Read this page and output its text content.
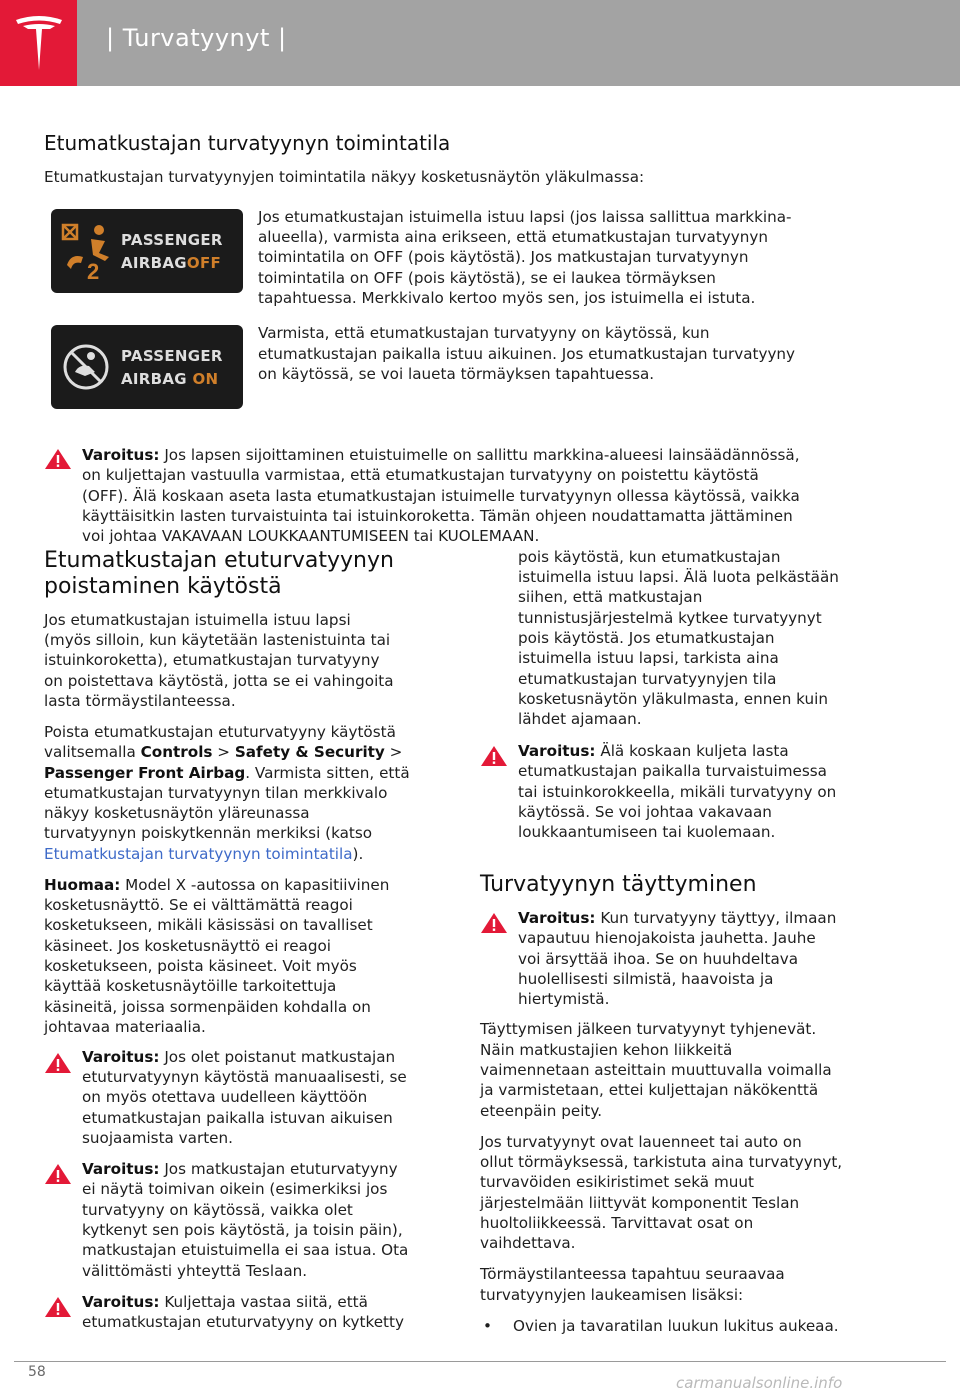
| Turvatyynyt |
Etumatkustajan turvatyynyn toimintatila

Etumatkustajan turvatyynyjen toimintatila näkyy kosketusnäytön yläkulmassa:

2
PASSENGER
AIRBAGOFF

Jos etumatkustajan istuimella istuu lapsi (jos laissa sallittua markkina-

alueella), varmista aina erikseen, että etumatkustajan turvatyynyn

toimintatila on OFF (pois käytöstä). Jos matkustajan turvatyynyn

toimintatila on OFF (pois käytöstä), se ei laukea törmäyksen

tapahtuessa. Merkkivalo kertoo myös sen, jos istuimella ei istuta.

PASSENGER
AIRBAG ON

Varmista, että etumatkustajan turvatyyny on käytössä, kun

etumatkustajan paikalla istuu aikuinen. Jos etumatkustajan turvatyyny

on käytössä, se voi laueta törmäyksen tapahtuessa.

Varoitus: Jos lapsen sijoittaminen etuistuimelle on sallittu markkina-alueesi lainsäädännössä,

on kuljettajan vastuulla varmistaa, että etumatkustajan turvatyyny on poistettu käytöstä

(OFF). Älä koskaan aseta lasta etumatkustajan istuimelle turvatyynyn ollessa käytössä, vaikka

käyttäisitkin lasten turvaistuinta tai istuinkoroketta. Tämän ohjeen noudattamatta jättäminen

voi johtaa VAKAVAAN LOUKKAANTUMISEEN tai KUOLEMAAN.

Etumatkustajan etuturvatyynyn
poistaminen käytöstä

Jos etumatkustajan istuimella istuu lapsi

(myös silloin, kun käytetään lastenistuinta tai

istuinkoroketta), etumatkustajan turvatyyny

on poistettava käytöstä, jotta se ei vahingoita

lasta törmäystilanteessa.

Poista etumatkustajan etuturvatyyny käytöstä

valitsemalla Controls > Safety & Security >

Passenger Front Airbag. Varmista sitten, että

etumatkustajan turvatyynyn tilan merkkivalo

näkyy kosketusnäytön yläreunassa

turvatyynyn poiskytkennän merkiksi (katso

Etumatkustajan turvatyynyn toimintatila).

Huomaa: Model X -autossa on kapasitiivinen

kosketusnäyttö. Se ei välttämättä reagoi

kosketukseen, mikäli käsissäsi on tavalliset

käsineet. Jos kosketusnäyttö ei reagoi

kosketukseen, poista käsineet. Voit myös

käyttää kosketusnäytöille tarkoitettuja

käsineitä, joissa sormenpäiden kohdalla on

johtavaa materiaalia.

Varoitus: Jos olet poistanut matkustajan

etuturvatyynyn käytöstä manuaalisesti, se

on myös otettava uudelleen käyttöön

etumatkustajan paikalla istuvan aikuisen

suojaamista varten.

Varoitus: Jos matkustajan etuturvatyyny

ei näytä toimivan oikein (esimerkiksi jos

turvatyyny on käytössä, vaikka olet

kytkenyt sen pois käytöstä, ja toisin päin),

matkustajan etuistuimella ei saa istua. Ota

välittömästi yhteyttä Teslaan.

Varoitus: Kuljettaja vastaa siitä, että

etumatkustajan etuturvatyyny on kytketty

pois käytöstä, kun etumatkustajan

istuimella istuu lapsi. Älä luota pelkästään

siihen, että matkustajan

tunnistusjärjestelmä kytkee turvatyynyt

pois käytöstä. Jos etumatkustajan

istuimella istuu lapsi, tarkista aina

etumatkustajan turvatyynyjen tila

kosketusnäytön yläkulmasta, ennen kuin

lähdet ajamaan.

Varoitus: Älä koskaan kuljeta lasta

etumatkustajan paikalla turvaistuimessa

tai istuinkorokkeella, mikäli turvatyyny on

käytössä. Se voi johtaa vakavaan

loukkaantumiseen tai kuolemaan.

Turvatyynyn täyttyminen

Varoitus: Kun turvatyyny täyttyy, ilmaan

vapautuu hienojakoista jauhetta. Jauhe

voi ärsyttää ihoa. Se on huuhdeltava

huolellisesti silmistä, haavoista ja

hiertymistä.

Täyttymisen jälkeen turvatyynyt tyhjenevät.

Näin matkustajien kehon liikkeitä

vaimennetaan asteittain muuttuvalla voimalla

ja varmistetaan, ettei kuljettajan näkökenttä

eteenpäin peity.

Jos turvatyynyt ovat lauenneet tai auto on

ollut törmäyksessä, tarkistuta aina turvatyynyt,

turvavöiden esikiristimet sekä muut

järjestelmään liittyvät komponentit Teslan

huoltoliikkeessä. Tarvittavat osat on

vaihdettava.

Törmäystilanteessa tapahtuu seuraavaa

turvatyynyjen laukeamisen lisäksi:

• Ovien ja tavaratilan luukun lukitus aukeaa.

58
carmanualsonline.info
